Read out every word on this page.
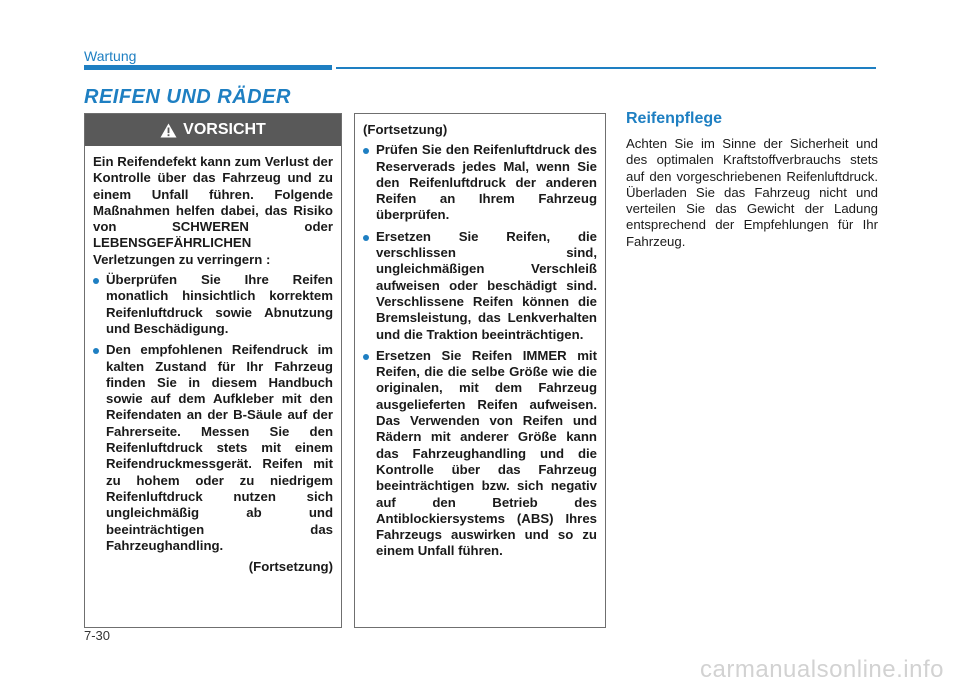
Wartung
REIFEN UND RÄDER
VORSICHT

Ein Reifendefekt kann zum Verlust der Kontrolle über das Fahrzeug und zu einem Unfall führen. Folgende Maßnahmen helfen dabei, das Risiko von SCHWEREN oder LEBENSGEFÄHRLICHEN Verletzungen zu verringern :

Überprüfen Sie Ihre Reifen monatlich hinsichtlich korrektem Reifenluftdruck sowie Abnutzung und Beschädigung.
Den empfohlenen Reifendruck im kalten Zustand für Ihr Fahrzeug finden Sie in diesem Handbuch sowie auf dem Aufkleber mit den Reifendaten an der B-Säule auf der Fahrerseite. Messen Sie den Reifenluftdruck stets mit einem Reifendruckmessgerät. Reifen mit zu hohem oder zu niedrigem Reifenluftdruck nutzen sich ungleichmäßig ab und beeinträchtigen das Fahrzeughandling.
(Fortsetzung)
(Fortsetzung)
Prüfen Sie den Reifenluftdruck des Reserverads jedes Mal, wenn Sie den Reifenluftdruck der anderen Reifen an Ihrem Fahrzeug überprüfen.
Ersetzen Sie Reifen, die verschlissen sind, ungleichmäßigen Verschleiß aufweisen oder beschädigt sind. Verschlissene Reifen können die Bremsleistung, das Lenkverhalten und die Traktion beeinträchtigen.
Ersetzen Sie Reifen IMMER mit Reifen, die die selbe Größe wie die originalen, mit dem Fahrzeug ausgelieferten Reifen aufweisen. Das Verwenden von Reifen und Rädern mit anderer Größe kann das Fahrzeughandling und die Kontrolle über das Fahrzeug beeinträchtigen bzw. sich negativ auf den Betrieb des Antiblockiersystems (ABS) Ihres Fahrzeugs auswirken und so zu einem Unfall führen.
Reifenpflege

Achten Sie im Sinne der Sicherheit und des optimalen Kraftstoffverbrauchs stets auf den vorgeschriebenen Reifenluftdruck. Überladen Sie das Fahrzeug nicht und verteilen Sie das Gewicht der Ladung entsprechend der Empfehlungen für Ihr Fahrzeug.

7-30
carmanualsonline.info
